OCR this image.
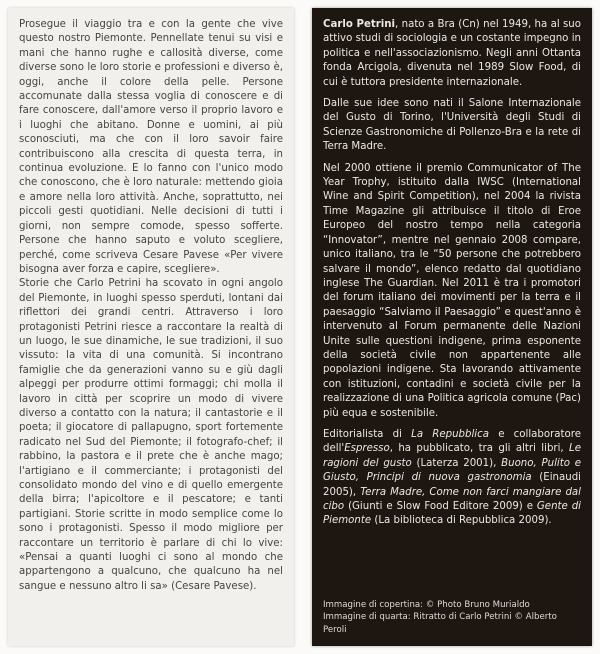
Prosegue il viaggio tra e con la gente che vive questo nostro Piemonte. Pennellate tenui su visi e mani che hanno rughe e callosità diverse, come diverse sono le loro storie e professioni e diverso è, oggi, anche il colore della pelle. Persone accomunate dalla stessa voglia di conoscere e di fare conoscere, dall'amore verso il proprio lavoro e i luoghi che abitano. Donne e uomini, ai più sconosciuti, ma che con il loro savoir faire contribuiscono alla crescita di questa terra, in continua evoluzione. E lo fanno con l'unico modo che conoscono, che è loro naturale: mettendo gioia e amore nella loro attività. Anche, soprattutto, nei piccoli gesti quotidiani. Nelle decisioni di tutti i giorni, non sempre comode, spesso sofferte. Persone che hanno saputo e voluto scegliere, perché, come scriveva Cesare Pavese «Per vivere bisogna aver forza e capire, scegliere».

Storie che Carlo Petrini ha scovato in ogni angolo del Piemonte, in luoghi spesso sperduti, lontani dai riflettori dei grandi centri. Attraverso i loro protagonisti Petrini riesce a raccontare la realtà di un luogo, le sue dinamiche, le sue tradizioni, il suo vissuto: la vita di una comunità. Si incontrano famiglie che da generazioni vanno su e giù dagli alpeggi per produrre ottimi formaggi; chi molla il lavoro in città per scoprire un modo di vivere diverso a contatto con la natura; il cantastorie e il poeta; il giocatore di pallapugno, sport fortemente radicato nel Sud del Piemonte; il fotografo-chef; il rabbino, la pastora e il prete che è anche mago; l'artigiano e il commerciante; i protagonisti del consolidato mondo del vino e di quello emergente della birra; l'apicoltore e il pescatore; e tanti partigiani. Storie scritte in modo semplice come lo sono i protagonisti. Spesso il modo migliore per raccontare un territorio è parlare di chi lo vive: «Pensai a quanti luoghi ci sono al mondo che appartengono a qualcuno, che qualcuno ha nel sangue e nessuno altro li sa» (Cesare Pavese).

Carlo Petrini, nato a Bra (Cn) nel 1949, ha al suo attivo studi di sociologia e un costante impegno in politica e nell'associazionismo. Negli anni Ottanta fonda Arcigola, divenuta nel 1989 Slow Food, di cui è tuttora presidente internazionale.

Dalle sue idee sono nati il Salone Internazionale del Gusto di Torino, l'Università degli Studi di Scienze Gastronomiche di Pollenzo-Bra e la rete di Terra Madre.

Nel 2000 ottiene il premio Communicator of The Year Trophy, istituito dalla IWSC (International Wine and Spirit Competition), nel 2004 la rivista Time Magazine gli attribuisce il titolo di Eroe Europeo del nostro tempo nella categoria “Innovator”, mentre nel gennaio 2008 compare, unico italiano, tra le “50 persone che potrebbero salvare il mondo”, elenco redatto dal quotidiano inglese The Guardian. Nel 2011 è tra i promotori del forum italiano dei movimenti per la terra e il paesaggio “Salviamo il Paesaggio” e quest'anno è intervenuto al Forum permanente delle Nazioni Unite sulle questioni indigene, prima esponente della società civile non appartenente alle popolazioni indigene. Sta lavorando attivamente con istituzioni, contadini e società civile per la realizzazione di una Politica agricola comune (Pac) più equa e sostenibile.

Editorialista di La Repubblica e collaboratore dell'Espresso, ha pubblicato, tra gli altri libri, Le ragioni del gusto (Laterza 2001), Buono, Pulito e Giusto, Principi di nuova gastronomia (Einaudi 2005), Terra Madre, Come non farci mangiare dal cibo (Giunti e Slow Food Editore 2009) e Gente di Piemonte (La biblioteca di Repubblica 2009).

Immagine di copertina: © Photo Bruno Murialdo
Immagine di quarta: Ritratto di Carlo Petrini © Alberto Peroli
